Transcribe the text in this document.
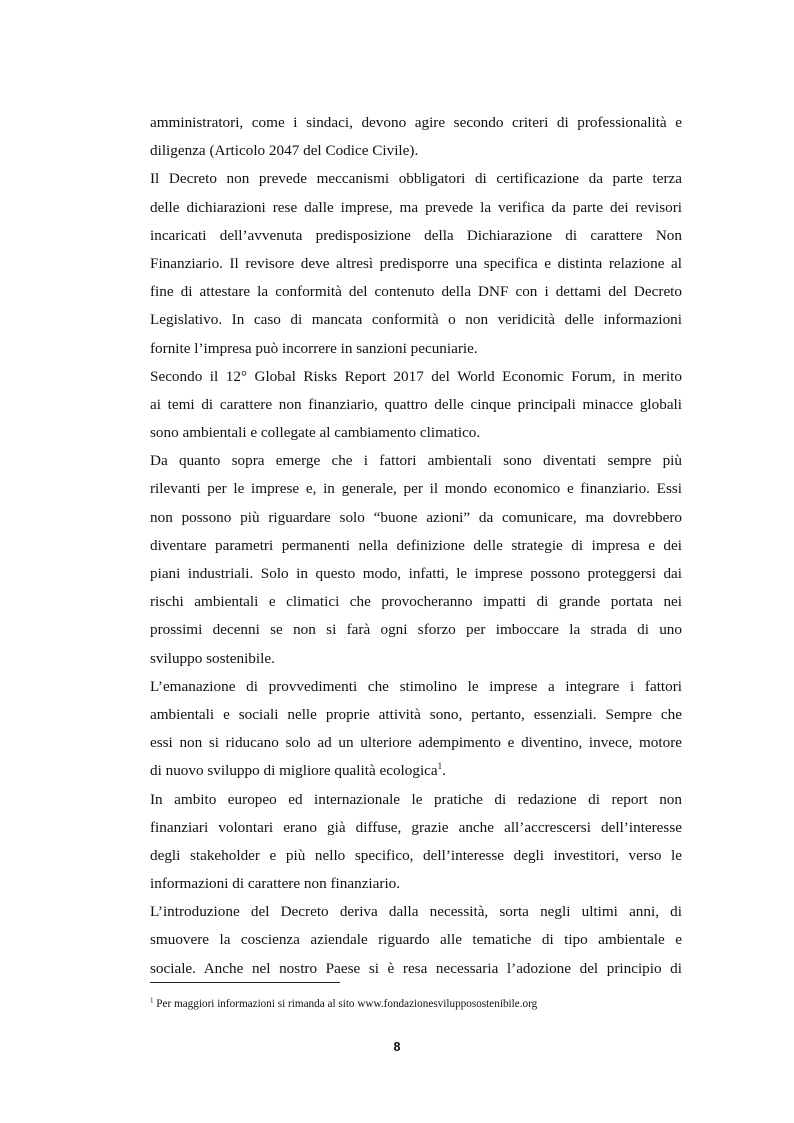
amministratori, come i sindaci, devono agire secondo criteri di professionalità e
diligenza (Articolo 2047 del Codice Civile).

Il Decreto non prevede meccanismi obbligatori di certificazione da parte terza
delle dichiarazioni rese dalle imprese, ma prevede la verifica da parte dei revisori
incaricati dell’avvenuta predisposizione della Dichiarazione di carattere Non
Finanziario. Il revisore deve altresì predisporre una specifica e distinta relazione al
fine di attestare la conformità del contenuto della DNF con i dettami del Decreto
Legislativo. In caso di mancata conformità o non veridicità delle informazioni
fornite l’impresa può incorrere in sanzioni pecuniarie.

Secondo il 12° Global Risks Report 2017 del World Economic Forum, in merito
ai temi di carattere non finanziario, quattro delle cinque principali minacce globali
sono ambientali e collegate al cambiamento climatico.

Da quanto sopra emerge che i fattori ambientali sono diventati sempre più
rilevanti per le imprese e, in generale, per il mondo economico e finanziario. Essi
non possono più riguardare solo “buone azioni” da comunicare, ma dovrebbero
diventare parametri permanenti nella definizione delle strategie di impresa e dei
piani industriali. Solo in questo modo, infatti, le imprese possono proteggersi dai
rischi ambientali e climatici che provocheranno impatti di grande portata nei
prossimi decenni se non si farà ogni sforzo per imboccare la strada di uno
sviluppo sostenibile.

L’emanazione di provvedimenti che stimolino le imprese a integrare i fattori
ambientali e sociali nelle proprie attività sono, pertanto, essenziali. Sempre che
essi non si riducano solo ad un ulteriore adempimento e diventino, invece, motore
di nuovo sviluppo di migliore qualità ecologica$^1$.

In ambito europeo ed internazionale le pratiche di redazione di report non
finanziari volontari erano già diffuse, grazie anche all’accrescersi dell’interesse
degli stakeholder e più nello specifico, dell’interesse degli investitori, verso le
informazioni di carattere non finanziario.

L’introduzione del Decreto deriva dalla necessità, sorta negli ultimi anni, di
smuovere la coscienza aziendale riguardo alle tematiche di tipo ambientale e
sociale. Anche nel nostro Paese si è resa necessaria l’adozione del principio di

$^1$ Per maggiori informazioni si rimanda al sito www.fondazionesvilupposostenibile.org
8
